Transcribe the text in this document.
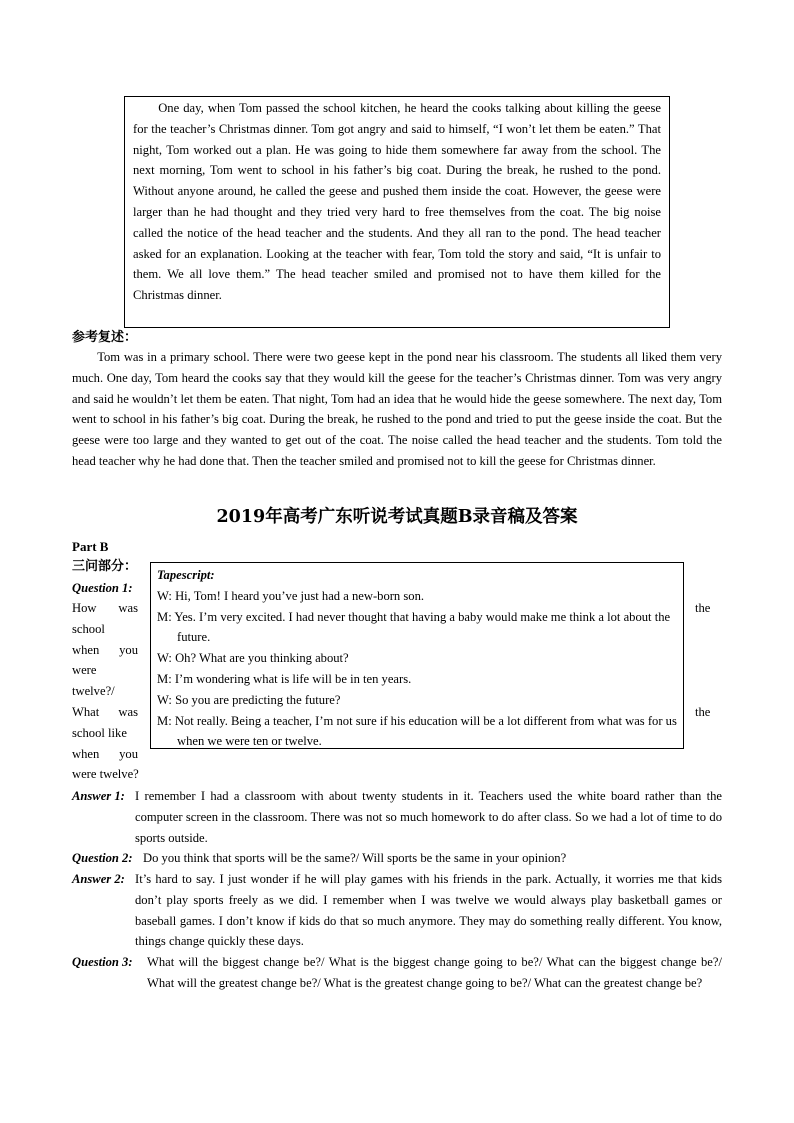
One day, when Tom passed the school kitchen, he heard the cooks talking about killing the geese for the teacher’s Christmas dinner. Tom got angry and said to himself, “I won’t let them be eaten.” That night, Tom worked out a plan. He was going to hide them somewhere far away from the school. The next morning, Tom went to school in his father’s big coat. During the break, he rushed to the pond. Without anyone around, he called the geese and pushed them inside the coat. However, the geese were larger than he had thought and they tried very hard to free themselves from the coat. The big noise called the notice of the head teacher and the students. And they all ran to the pond. The head teacher asked for an explanation. Looking at the teacher with fear, Tom told the story and said, “It is unfair to them. We all love them.” The head teacher smiled and promised not to have them killed for the Christmas dinner.

参考复述：

Tom was in a primary school. There were two geese kept in the pond near his classroom. The students all liked them very much. One day, Tom heard the cooks say that they would kill the geese for the teacher’s Christmas dinner. Tom was very angry and said he wouldn’t let them be eaten. That night, Tom had an idea that he would hide the geese somewhere. The next day, Tom went to school in his father’s big coat. During the break, he rushed to the pond and tried to put the geese inside the coat. But the geese were too large and they wanted to get out of the coat. The noise called the head teacher and the students. Tom told the head teacher why he had done that. Then the teacher smiled and promised not to kill the geese for Christmas dinner.

2019年高考广东听说考试真题B录音稿及答案
Part B
三问部分：
Question 1:
How was
school
when you
were
twelve?/
What was
school like
when you
were twelve?
the
the
Tapescript:

W: Hi, Tom! I heard you’ve just had a new-born son.

M: Yes. I’m very excited. I had never thought that having a baby would make me think a lot about the future.

W: Oh? What are you thinking about?

M: I’m wondering what is life will be in ten years.

W: So you are predicting the future?

M: Not really. Being a teacher, I’m not sure if his education will be a lot different from what was for us when we were ten or twelve.

Answer 1: I remember I had a classroom with about twenty students in it. Teachers used the white board rather than the computer screen in the classroom. There was not so much homework to do after class. So we had a lot of time to do sports outside.

Question 2: Do you think that sports will be the same?/ Will sports be the same in your opinion?
Answer 2: It’s hard to say. I just wonder if he will play games with his friends in the park. Actually, it worries me that kids don’t play sports freely as we did. I remember when I was twelve we would always play basketball games or baseball games. I don’t know if kids do that so much anymore. They may do something really different. You know, things change quickly these days.

Question 3: What will the biggest change be?/ What is the biggest change going to be?/ What can the biggest change be?/ What will the greatest change be?/ What is the greatest change going to be?/ What can the greatest change be?
